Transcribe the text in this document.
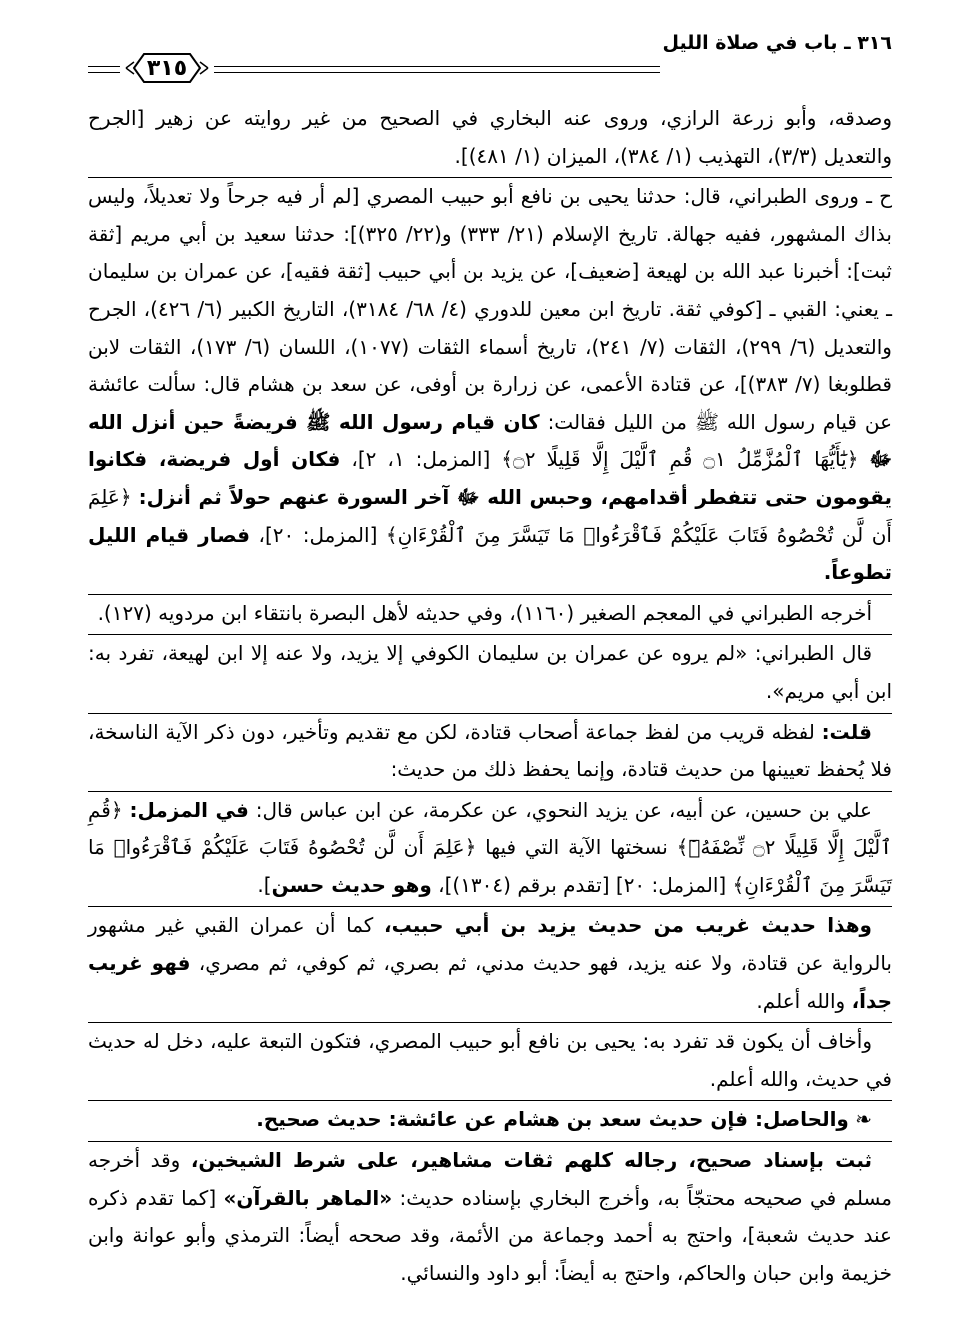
٣١٦ ـ باب في صلاة الليل
٣١٥

وصدقه، وأبو زرعة الرازي، وروى عنه البخاري في الصحيح من غير روايته عن زهير [الجرح والتعديل (٣/٣)، التهذيب (١/ ٣٨٤)، الميزان (١/ ٤٨١)].

ح ـ وروى الطبراني، قال: حدثنا يحيى بن نافع أبو حبيب المصري [لم أر فيه جرحاً ولا تعديلاً، وليس بذاك المشهور، ففيه جهالة. تاريخ الإسلام (٢١/ ٣٣٣) و(٢٢/ ٣٢٥)]: حدثنا سعيد بن أبي مريم [ثقة ثبت]: أخبرنا عبد الله بن لهيعة [ضعيف]، عن يزيد بن أبي حبيب [ثقة فقيه]، عن عمران بن سليمان ـ يعني: القبي ـ [كوفي ثقة. تاريخ ابن معين للدوري (٤/ ٦٨/ ٣١٨٤)، التاريخ الكبير (٦/ ٤٢٦)، الجرح والتعديل (٦/ ٢٩٩)، الثقات (٧/ ٢٤١)، تاريخ أسماء الثقات (١٠٧٧)، اللسان (٦/ ١٧٣)، الثقات لابن قطلوبغا (٧/ ٣٨٣)]، عن قتادة الأعمى، عن زرارة بن أوفى، عن سعد بن هشام قال: سألت عائشة عن قيام رسول الله ﷺ من الليل فقالت: كان قيام رسول الله ﷺ فريضةً حين أنزل الله ﷻ ﴿يَٰٓأَيُّهَا ٱلْمُزَّمِّلُ ۝١ قُمِ ٱلَّيْلَ إِلَّا قَلِيلًا ۝٢﴾ [المزمل: ١، ٢]، فكان أول فريضة، فكانوا يقومون حتى تتفطر أقدامهم، وحبس الله ﷻ آخر السورة عنهم حولاً ثم أنزل: ﴿عَلِمَ أَن لَّن تُحْصُوهُ فَتَابَ عَلَيْكُمْ فَٱقْرَءُوا۟ مَا تَيَسَّرَ مِنَ ٱلْقُرْءَانِ﴾ [المزمل: ٢٠]، فصار قيام الليل تطوعاً.

أخرجه الطبراني في المعجم الصغير (١١٦٠)، وفي حديثه لأهل البصرة بانتقاء ابن مردويه (١٢٧).

قال الطبراني: «لم يروه عن عمران بن سليمان الكوفي إلا يزيد، ولا عنه إلا ابن لهيعة، تفرد به: ابن أبي مريم».

قلت: لفظه قريب من لفظ جماعة أصحاب قتادة، لكن مع تقديم وتأخير، دون ذكر الآية الناسخة، فلا يُحفظ تعيينها من حديث قتادة، وإنما يحفظ ذلك من حديث:

علي بن حسين، عن أبيه، عن يزيد النحوي، عن عكرمة، عن ابن عباس قال: في المزمل: ﴿قُمِ ٱلَّيْلَ إِلَّا قَلِيلًا ۝٢ نِّصْفَهُۥٓ﴾ نسختها الآية التي فيها ﴿عَلِمَ أَن لَّن تُحْصُوهُ فَتَابَ عَلَيْكُمْ فَٱقْرَءُوا۟ مَا تَيَسَّرَ مِنَ ٱلْقُرْءَانِ﴾ [المزمل: ٢٠] [تقدم برقم (١٣٠٤)]، وهو حديث حسن].

وهذا حديث غريب من حديث يزيد بن أبي حبيب، كما أن عمران القبي غير مشهور بالرواية عن قتادة، ولا عنه يزيد، فهو حديث مدني، ثم بصري، ثم كوفي، ثم مصري، فهو غريب جداً، والله أعلم.

وأخاف أن يكون قد تفرد به: يحيى بن نافع أبو حبيب المصري، فتكون التبعة عليه، دخل له حديث في حديث، والله أعلم.

❧ والحاصل: فإن حديث سعد بن هشام عن عائشة: حديث صحيح.

ثبت بإسناد صحيح، رجاله كلهم ثقات مشاهير، على شرط الشيخين، وقد أخرجه مسلم في صحيحه محتجّاً به، وأخرج البخاري بإسناده حديث: «الماهر بالقرآن» [كما تقدم ذكره عند حديث شعبة]، واحتج به أحمد وجماعة من الأئمة، وقد صححه أيضاً: الترمذي وأبو عوانة وابن خزيمة وابن حبان والحاكم، واحتج به أيضاً: أبو داود والنسائي.
